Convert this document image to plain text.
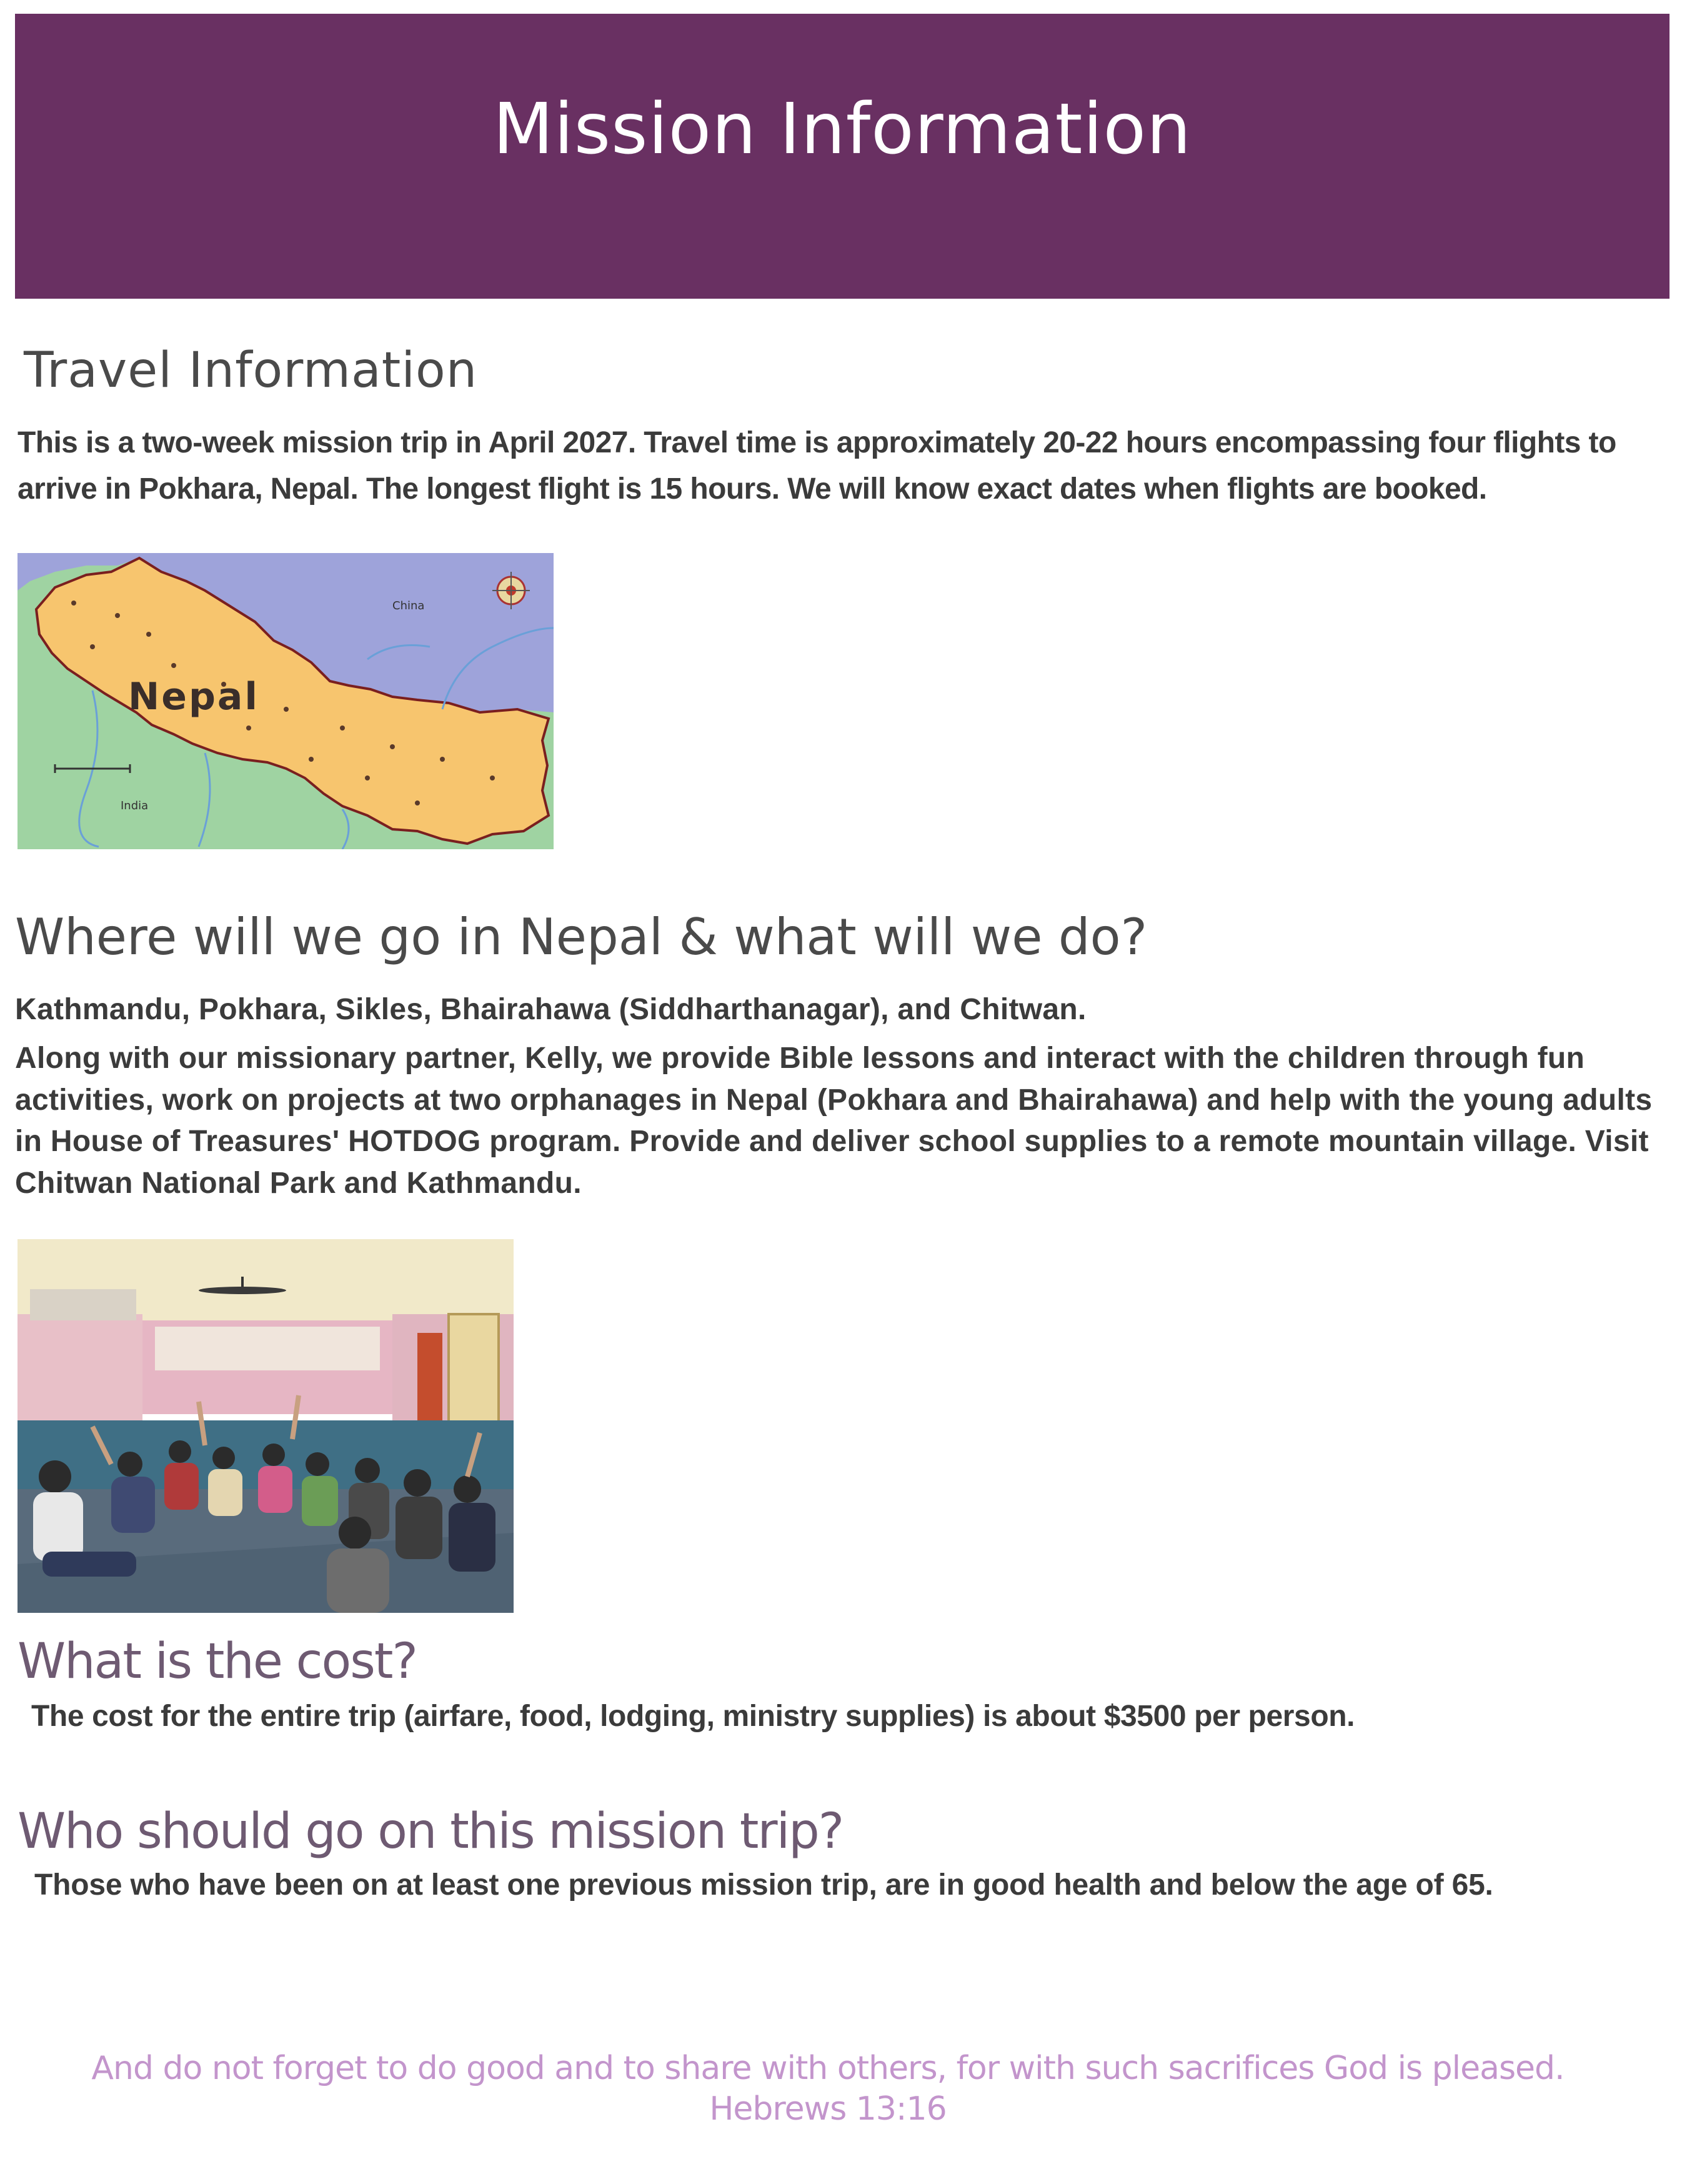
Mission Information
Travel Information

This is a two-week mission trip in April 2027. Travel time is approximately 20-22 hours encompassing four flights to arrive in Pokhara, Nepal. The longest flight is 15 hours. We will know exact dates when flights are booked.

China
India
Nepal
Where will we go in Nepal & what will we do?

Kathmandu, Pokhara, Sikles, Bhairahawa (Siddharthanagar), and Chitwan.

Along with our missionary partner, Kelly, we provide Bible lessons and interact with the children through fun activities, work on projects at two orphanages in Nepal (Pokhara and Bhairahawa) and help with the young adults in House of Treasures' HOTDOG program. Provide and deliver school supplies to a remote mountain village. Visit Chitwan National Park and Kathmandu.

What is the cost?

The cost for the entire trip (airfare, food, lodging, ministry supplies) is about $3500 per person.

Who should go on this mission trip?

Those who have been on at least one previous mission trip, are in good health and below the age of 65.

And do not forget to do good and to share with others, for with such sacrifices God is pleased.
Hebrews 13:16
